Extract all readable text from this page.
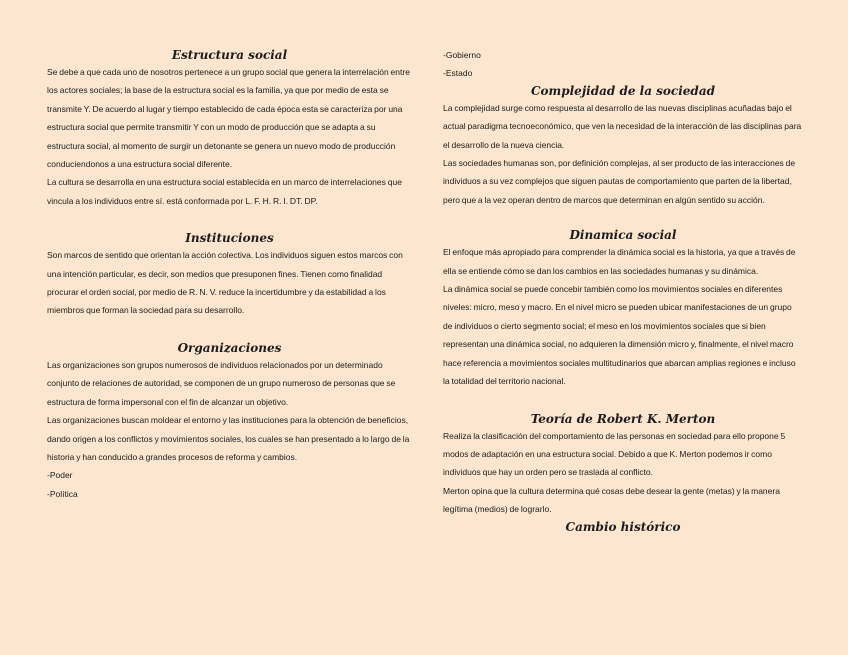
Estructura social

Se debe a que cada uno de nosotros pertenece a un grupo social que genera la interrelación entre los actores sociales; la base de la estructura social es la familia, ya que por medio de esta se transmite Y. De acuerdo al lugar y tiempo establecido de cada época esta se caracteriza por una estructura social que permite transmitir Y con un modo de producción que se adapta a su estructura social, al momento de surgir un detonante se genera un nuevo modo de producción conduciendonos a una estructura social diferente.

La cultura se desarrolla en una estructura social establecida en un marco de interrelaciones que vincula a los individuos entre sí. está conformada por L. F. H. R. I. DT. DP.

Instituciones

Son marcos de sentido que orientan la acción colectiva. Los individuos siguen estos marcos con una intención particular, es decir, son medios que presuponen fines. Tienen como finalidad procurar el orden social, por medio de R. N. V. reduce la incertidumbre y da estabilidad a los miembros que forman la sociedad para su desarrollo.

Organizaciones

Las organizaciones son grupos numerosos de individuos relacionados por un determinado conjunto de relaciones de autoridad, se componen de un grupo numeroso de personas que se estructura de forma impersonal con el fin de alcanzar un objetivo.

Las organizaciones buscan moldear el entorno y las instituciones para la obtención de beneficios, dando origen a los conflictos y movimientos sociales, los cuales se han presentado a lo largo de la historia y han conducido a grandes procesos de reforma y cambios.

-Poder

-Política

-Gobierno

-Estado

Complejidad de la sociedad

La complejidad surge como respuesta al desarrollo de las nuevas disciplinas acuñadas bajo el actual paradigma tecnoeconómico, que ven la necesidad de la interacción de las disciplinas para el desarrollo de la nueva ciencia.

Las sociedades humanas son, por definición complejas, al ser producto de las interacciones de individuos a su vez complejos que siguen pautas de comportamiento que parten de la libertad, pero que a la vez operan dentro de marcos que determinan en algún sentido su acción.

Dinamica social

El enfoque más apropiado para comprender la dinámica social es la historia, ya que a través de ella se entiende cómo se dan los cambios en las sociedades humanas y su dinámica.

La dinámica social se puede concebir también como los movimientos sociales en diferentes niveles: micro, meso y macro. En el nivel micro se pueden ubicar manifestaciones de un grupo de individuos o cierto segmento social; el meso en los movimientos sociales que si bien representan una dinámica social, no adquieren la dimensión micro y, finalmente, el nivel macro hace referencia a movimientos sociales multitudinarios que abarcan amplias regiones e incluso la totalidad del territorio nacional.

Teoría de Robert K. Merton

Realiza la clasificación del comportamiento de las personas en sociedad para ello propone 5 modos de adaptación en una estructura social. Debido a que K. Merton podemos ir como individuos que hay un orden pero se traslada al conflicto.

Merton opina que la cultura determina qué cosas debe desear la gente (metas) y la manera legítima (medios) de lograrlo.

Cambio histórico
